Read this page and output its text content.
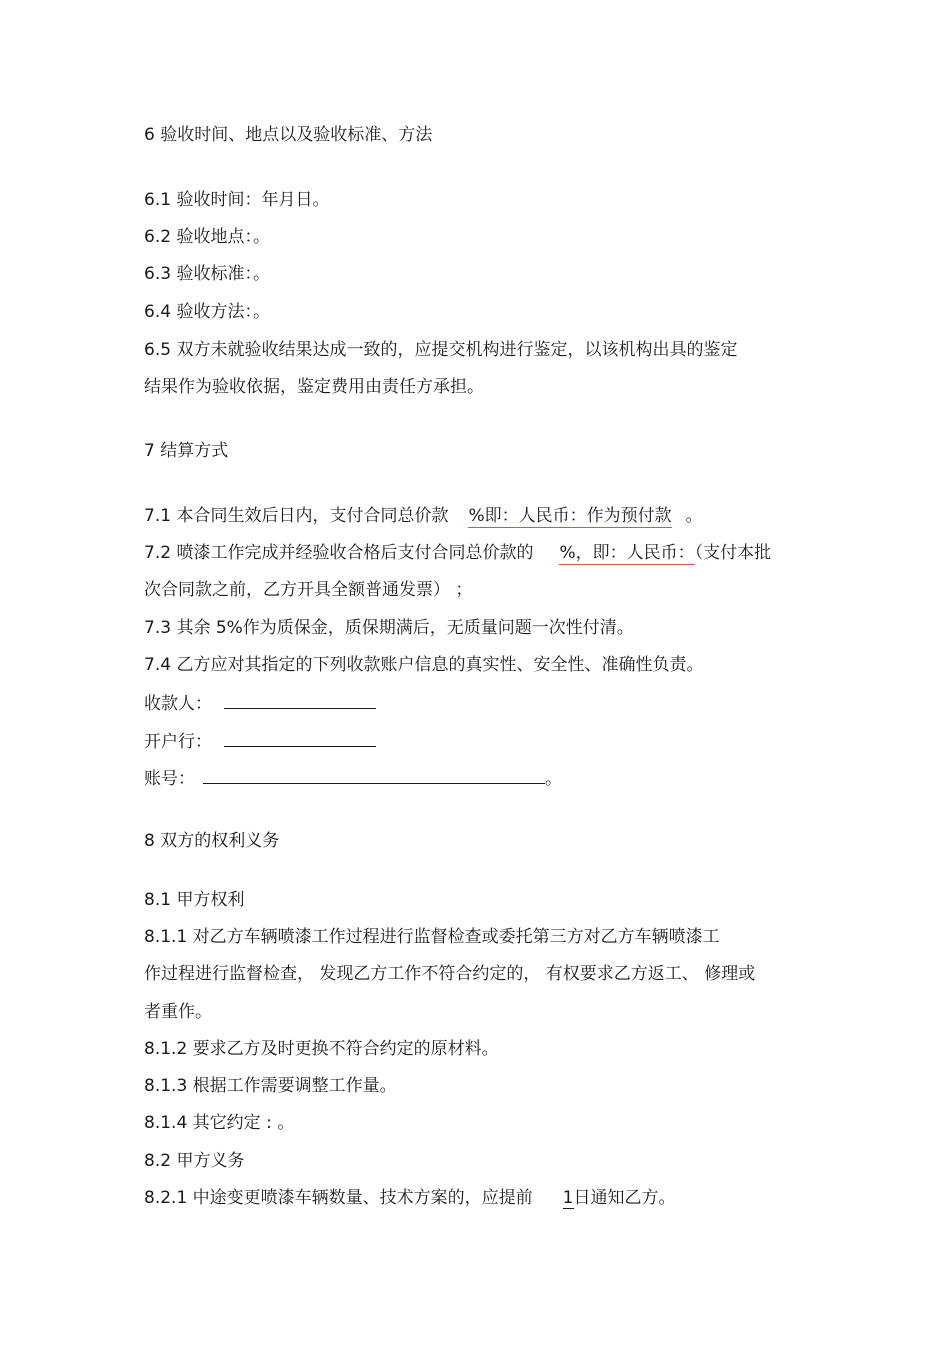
6 验收时间、地点以及验收标准、方法
6.1 验收时间：年月日。
6.2 验收地点：。
6.3 验收标准：。
6.4 验收方法：。
6.5 双方未就验收结果达成一致的，应提交机构进行鉴定，以该机构出具的鉴定
结果作为验收依据，鉴定费用由责任方承担。
7 结算方式
7.1 本合同生效后日内，支付合同总价款 %即：人民币：作为预付款 。
7.2 喷漆工作完成并经验收合格后支付合同总价款的 %，即：人民币：（支付本批
次合同款之前，乙方开具全额普通发票） ；
7.3 其余 5%作为质保金，质保期满后，无质量问题一次性付清。
7.4 乙方应对其指定的下列收款账户信息的真实性、安全性、准确性负责。
收款人：
开户行：
账号：	。
8 双方的权利义务
8.1 甲方权利
8.1.1 对乙方车辆喷漆工作过程进行监督检查或委托第三方对乙方车辆喷漆工
作过程进行监督检查， 发现乙方工作不符合约定的， 有权要求乙方返工、 修理或
者重作。
8.1.2 要求乙方及时更换不符合约定的原材料。
8.1.3 根据工作需要调整工作量。
8.1.4 其它约定 : 。
8.2 甲方义务
8.2.1 中途变更喷漆车辆数量、技术方案的，应提前 1日通知乙方。
